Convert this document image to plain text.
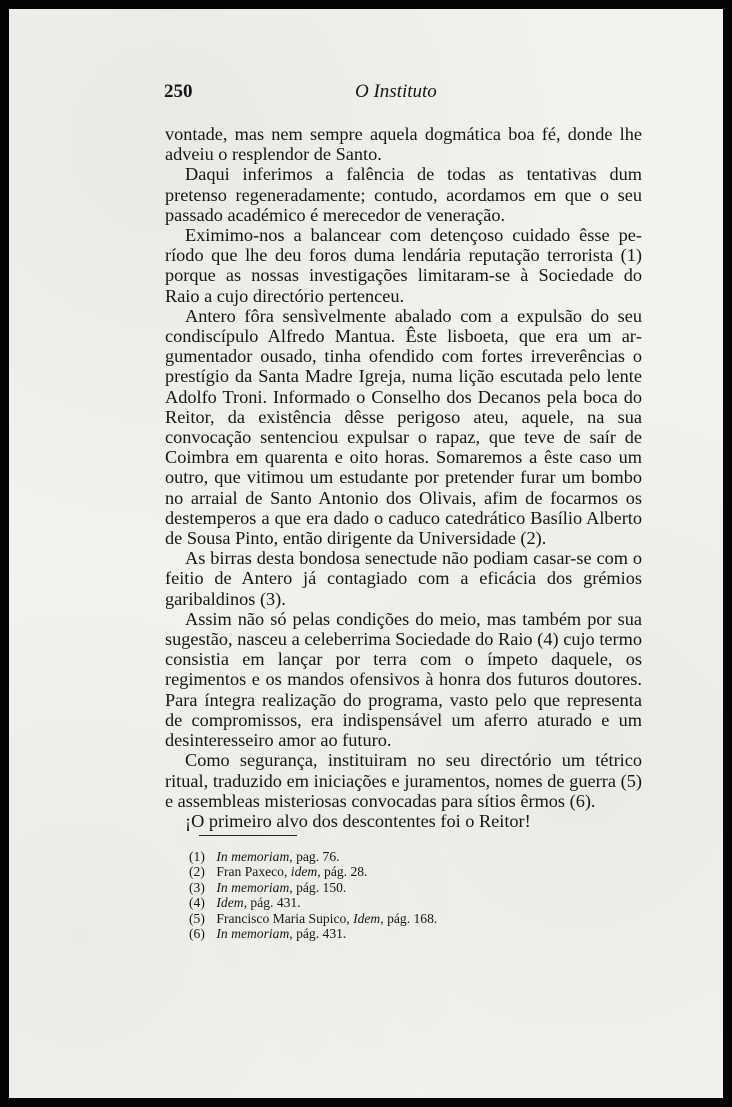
250	O Instituto

vontade, mas nem sempre aquela dogmática boa fé, donde lhe adveiu o resplendor de Santo.

Daqui inferimos a falência de todas as tentativas dum pretenso regeneradamente; contudo, acordamos em que o seu passado académico é merecedor de veneração.

Eximimo-nos a balancear com detençoso cuidado êsse período que lhe deu foros duma lendária reputação terrorista (1) porque as nossas investigações limitaram-se à Sociedade do Raio a cujo directório pertenceu.

Antero fôra sensìvelmente abalado com a expulsão do seu condiscípulo Alfredo Mantua. Êste lisboeta, que era um argumentador ousado, tinha ofendido com fortes irreverências o prestígio da Santa Madre Igreja, numa lição escutada pelo lente Adolfo Troni. Informado o Conselho dos Decanos pela boca do Reitor, da existência dêsse perigoso ateu, aquele, na sua convocação sentenciou expulsar o rapaz, que teve de saír de Coimbra em quarenta e oito horas. Somaremos a êste caso um outro, que vitimou um estudante por pretender furar um bombo no arraial de Santo Antonio dos Olivais, afim de focarmos os destemperos a que era dado o caduco catedrático Basílio Alberto de Sousa Pinto, então dirigente da Universidade (2).

As birras desta bondosa senectude não podiam casar-se com o feitio de Antero já contagiado com a eficácia dos grémios garibaldinos (3).

Assim não só pelas condições do meio, mas também por sua sugestão, nasceu a celeberrima Sociedade do Raio (4) cujo termo consistia em lançar por terra com o ímpeto daquele, os regimentos e os mandos ofensivos à honra dos futuros doutores. Para íntegra realização do programa, vasto pelo que representa de compromissos, era indispensável um aferro aturado e um desinteresseiro amor ao futuro.

Como segurança, instituiram no seu directório um tétrico ritual, traduzido em iniciações e juramentos, nomes de guerra (5) e assembleas misteriosas convocadas para sítios êrmos (6).

¡O primeiro alvo dos descontentes foi o Reitor!

(1) In memoriam, pag. 76.
(2) Fran Paxeco, idem, pág. 28.
(3) In memoriam, pág. 150.
(4) Idem, pág. 431.
(5) Francisco Maria Supico, Idem, pág. 168.
(6) In memoriam, pág. 431.
